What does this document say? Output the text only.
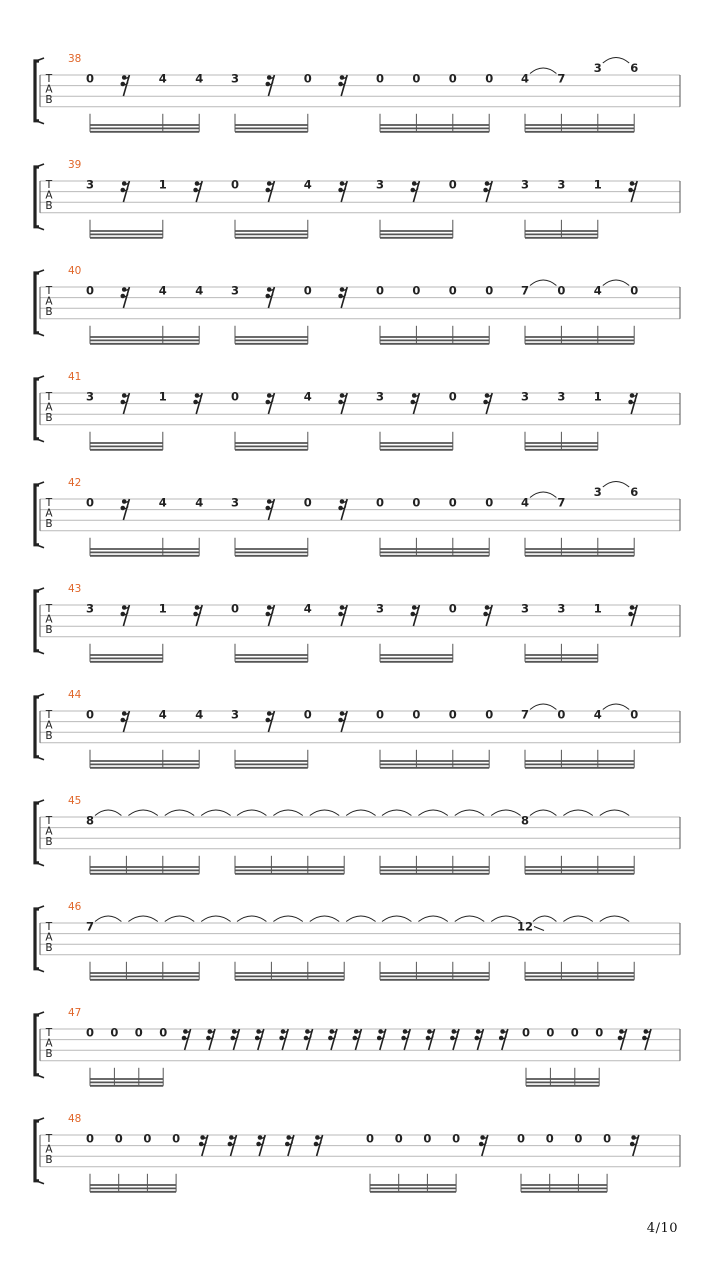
T
A
B
38
0	4 4 3	0	0 0 0 0 4 7
3 6
T
A
B
39
3	1	0	4	3	0	3 3 1
T
A
B
40
0	4 4 3	0	0 0 0 0 7 0 4 0
T
A
B
41
3	1	0	4	3	0	3 3 1
T
A
B
42
0	4 4 3	0	0 0 0 0 4 7
3 6
T
A
B
43
3	1	0	4	3	0	3 3 1
T
A
B
44
0	4 4 3	0	0 0 0 0 7 0 4 0
T
A
B
45
8	8
T
A
B
46
7	12
T
A
B
47
0 0 0 0	0 0 0 0
T
A
B
48
0 0 0 0	0 0 0 0	0 0 0 0
4/10
